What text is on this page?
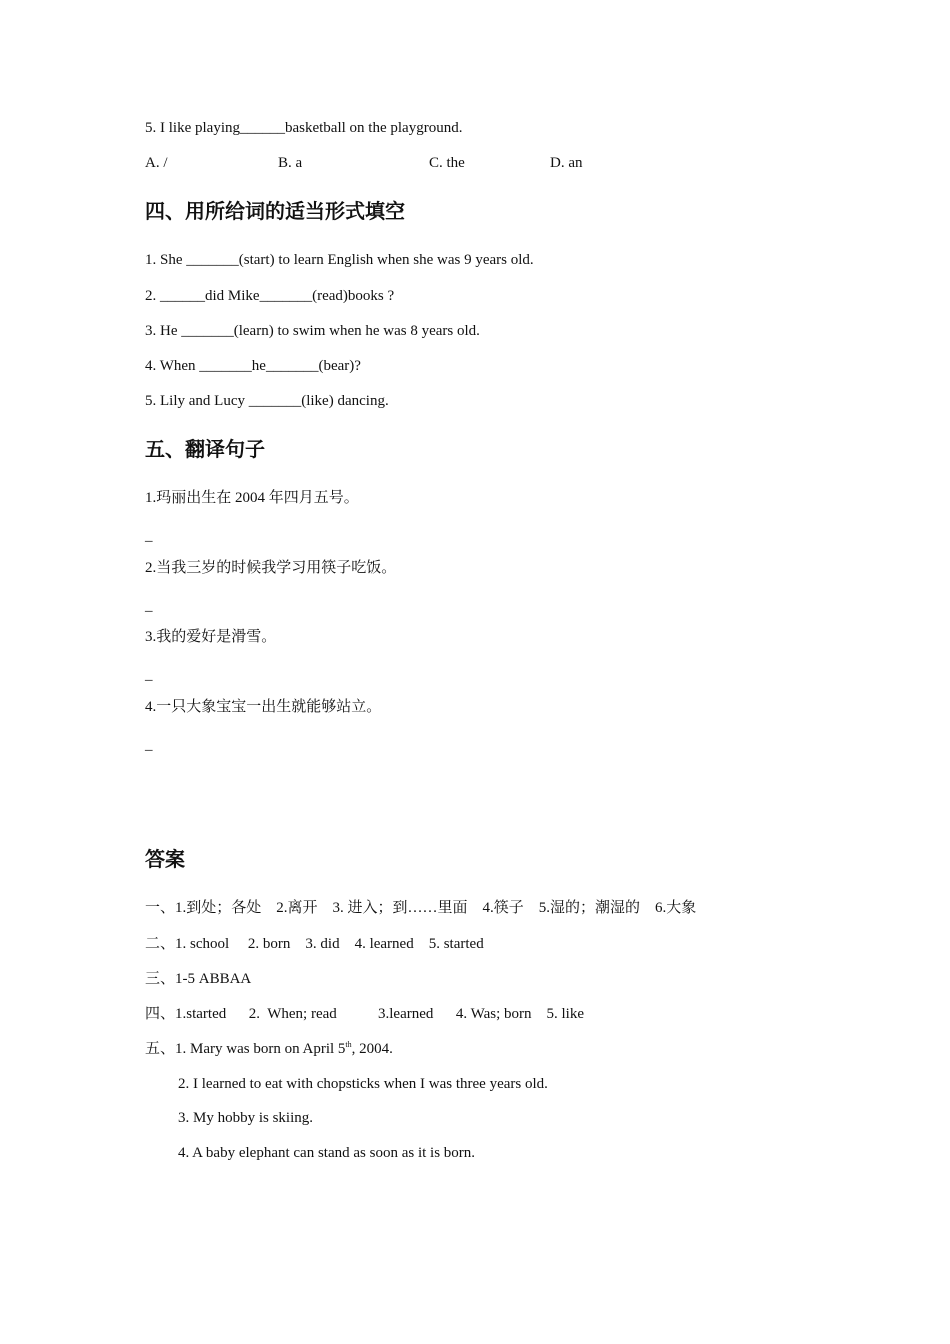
5. I like playing______basketball on the playground.

A. /

	B. a

	C. the

	D. an

四、用所给词的适当形式填空
1. She _______(start) to learn English when she was 9 years old.
2. ______did Mike_______(read)books ?
3. He _______(learn) to swim when he was 8 years old.
4. When _______he_______(bear)?
5. Lily and Lucy _______(like) dancing.
五、翻译句子
1.玛丽出生在 2004 年四月五号。
_
2.当我三岁的时候我学习用筷子吃饭。
_
3.我的爱好是滑雪。
_
4.一只大象宝宝一出生就能够站立。
_
答案
一、1.到处；各处    2.离开    3. 进入；到……里面    4.筷子    5.湿的；潮湿的    6.大象
二、1. school     2. born    3. did    4. learned    5. started
三、1-5 ABBAA
四、1.started      2.  When; read           3.learned      4. Was; born    5. like
五、1. Mary was born on April 5th, 2004.
2. I learned to eat with chopsticks when I was three years old.
3. My hobby is skiing.
4. A baby elephant can stand as soon as it is born.
